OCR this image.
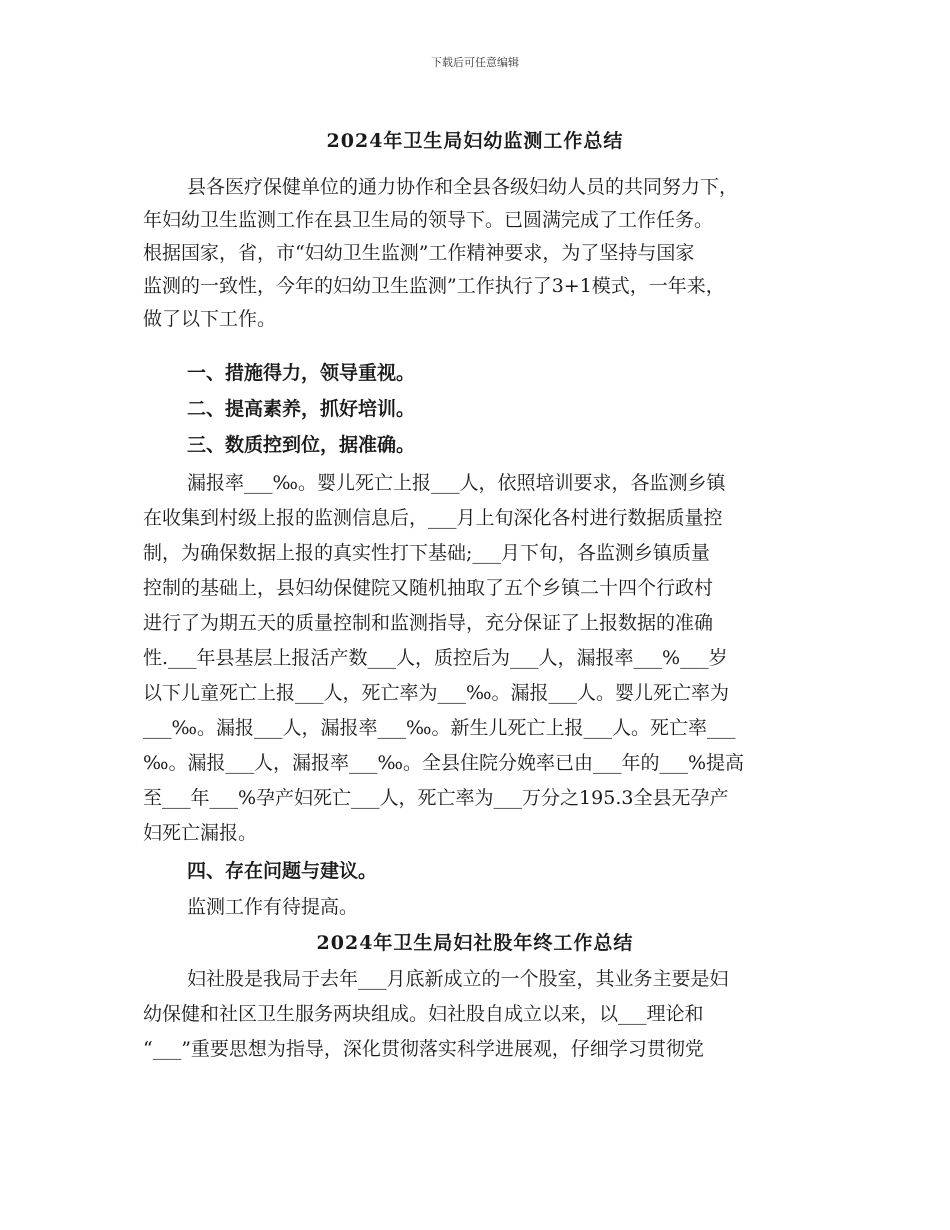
下载后可任意编辑
2024年卫生局妇幼监测工作总结
县各医疗保健单位的通力协作和全县各级妇幼人员的共同努力下，
年妇幼卫生监测工作在县卫生局的领导下。已圆满完成了工作任务。
根据国家，省，市“妇幼卫生监测”工作精神要求，为了坚持与国家
监测的一致性，今年的妇幼卫生监测”工作执行了3+1模式，一年来，
做了以下工作。
一、措施得力，领导重视。
二、提高素养，抓好培训。
三、数质控到位，据准确。
漏报率___‰。婴儿死亡上报___人，依照培训要求，各监测乡镇
在收集到村级上报的监测信息后，___月上旬深化各村进行数据质量控
制，为确保数据上报的真实性打下基础;___月下旬，各监测乡镇质量
控制的基础上，县妇幼保健院又随机抽取了五个乡镇二十四个行政村
进行了为期五天的质量控制和监测指导，充分保证了上报数据的准确
性.___年县基层上报活产数___人，质控后为___人，漏报率___%___岁
以下儿童死亡上报___人，死亡率为___‰。漏报___人。婴儿死亡率为
___‰。漏报___人，漏报率___‰。新生儿死亡上报___人。死亡率___
‰。漏报___人，漏报率___‰。全县住院分娩率已由___年的___%提高
至___年___%孕产妇死亡___人，死亡率为___万分之195.3全县无孕产
妇死亡漏报。
四、存在问题与建议。
监测工作有待提高。
2024年卫生局妇社股年终工作总结
妇社股是我局于去年___月底新成立的一个股室，其业务主要是妇
幼保健和社区卫生服务两块组成。妇社股自成立以来，以___理论和
“___”重要思想为指导，深化贯彻落实科学进展观，仔细学习贯彻党
